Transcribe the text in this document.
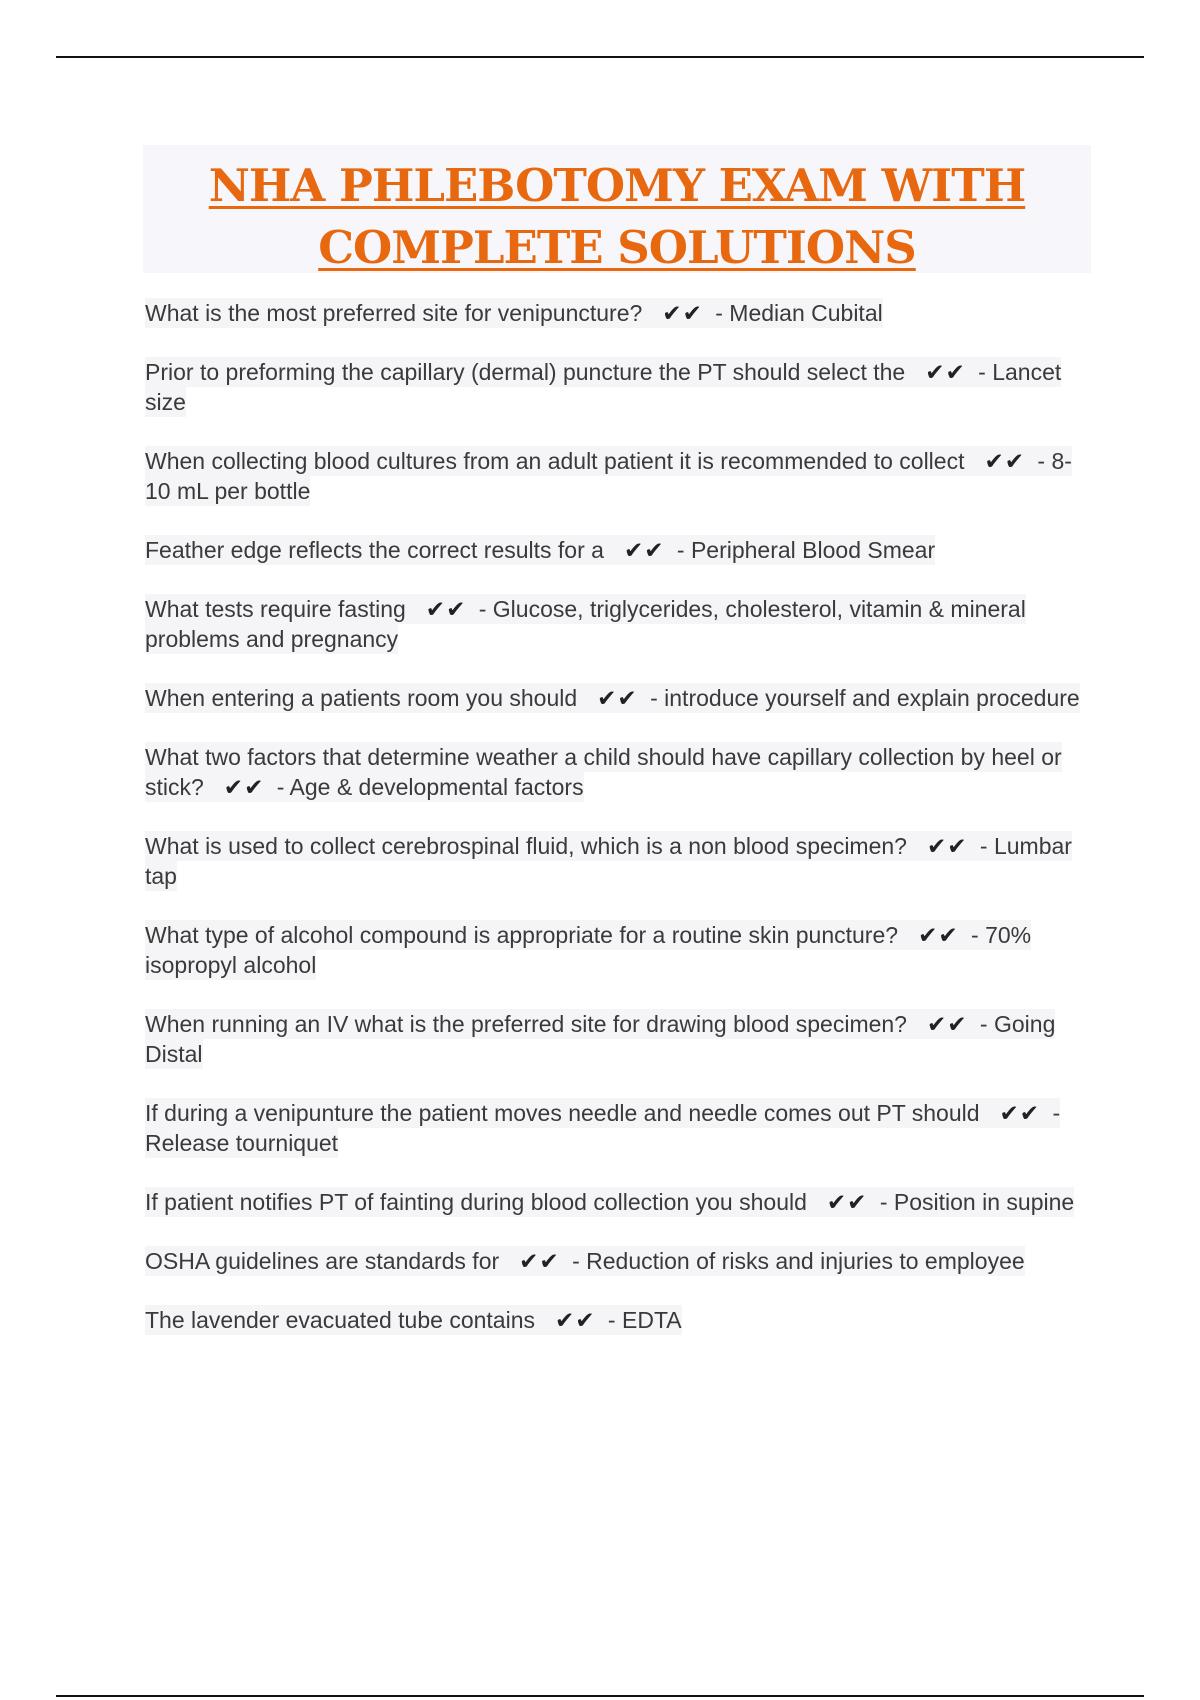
NHA PHLEBOTOMY EXAM WITH COMPLETE SOLUTIONS

What is the most preferred site for venipuncture? ✔✔ - Median Cubital

Prior to preforming the capillary (dermal) puncture the PT should select the ✔✔ - Lancet size

When collecting blood cultures from an adult patient it is recommended to collect ✔✔ - 8-10 mL per bottle

Feather edge reflects the correct results for a ✔✔ - Peripheral Blood Smear

What tests require fasting ✔✔ - Glucose, triglycerides, cholesterol, vitamin & mineral problems and pregnancy

When entering a patients room you should ✔✔ - introduce yourself and explain procedure

What two factors that determine weather a child should have capillary collection by heel or stick? ✔✔ - Age & developmental factors

What is used to collect cerebrospinal fluid, which is a non blood specimen? ✔✔ - Lumbar tap

What type of alcohol compound is appropriate for a routine skin puncture? ✔✔ - 70% isopropyl alcohol

When running an IV what is the preferred site for drawing blood specimen? ✔✔ - Going Distal

If during a venipunture the patient moves needle and needle comes out PT should ✔✔ - Release tourniquet

If patient notifies PT of fainting during blood collection you should ✔✔ - Position in supine

OSHA guidelines are standards for ✔✔ - Reduction of risks and injuries to employee

The lavender evacuated tube contains ✔✔ - EDTA
